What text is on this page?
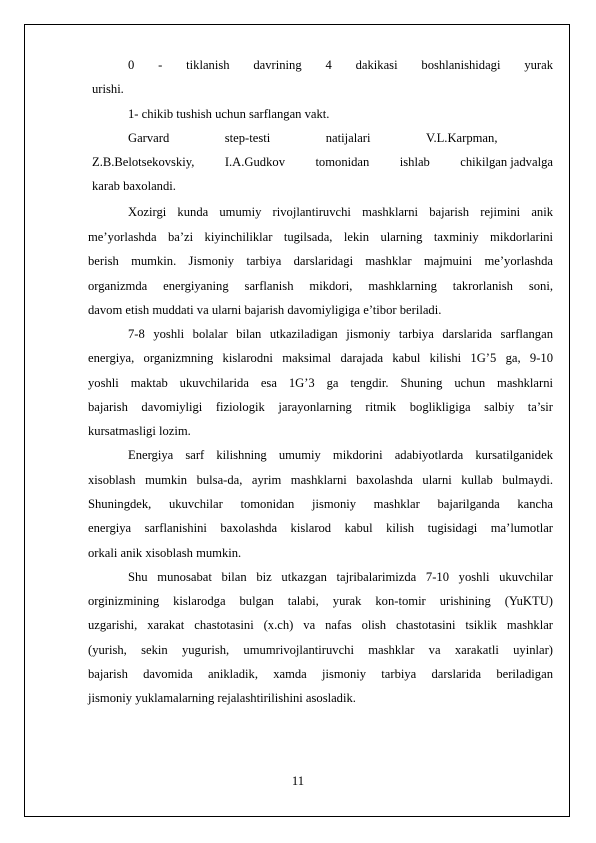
0 - tiklanish davrining 4 dakikasi boshlanishidagi yurak
urishi.
1- chikib tushish uchun sarflangan vakt.
Garvard	step-testi	natijalari	V.L.Karpman,
Z.B.Belotsekovskiy, I.A.Gudkov tomonidan ishlab chikilgan jadvalga
karab baxolandi.
Xozirgi kunda umumiy rivojlantiruvchi mashklarni bajarish rejimini anik
me’yorlashda ba’zi kiyinchiliklar tugilsada, lekin ularning taxminiy mikdorlarini
berish mumkin. Jismoniy tarbiya darslaridagi mashklar majmuini me’yorlashda
organizmda energiyaning sarflanish mikdori, mashklarning takrorlanish soni,
davom etish muddati va ularni bajarish davomiyligiga e’tibor beriladi.
7-8 yoshli bolalar bilan utkaziladigan jismoniy tarbiya darslarida sarflangan
energiya, organizmning kislarodni maksimal darajada kabul kilishi 1G’5 ga, 9-10
yoshli maktab ukuvchilarida esa 1G’3 ga tengdir. Shuning uchun mashklarni
bajarish davomiyligi fiziologik jarayonlarning ritmik boglikligiga salbiy ta’sir
kursatmasligi lozim.
Energiya sarf kilishning umumiy mikdorini adabiyotlarda kursatilganidek
xisoblash mumkin bulsa-da, ayrim mashklarni baxolashda ularni kullab bulmaydi.
Shuningdek, ukuvchilar tomonidan jismoniy mashklar bajarilganda kancha
energiya sarflanishini baxolashda kislarod kabul kilish tugisidagi ma’lumotlar
orkali anik xisoblash mumkin.
Shu munosabat bilan biz utkazgan tajribalarimizda 7-10 yoshli ukuvchilar
orginizmining kislarodga bulgan talabi, yurak kon-tomir urishining (YuKTU)
uzgarishi, xarakat chastotasini (x.ch) va nafas olish chastotasini tsiklik mashklar
(yurish, sekin yugurish, umumrivojlantiruvchi mashklar va xarakatli uyinlar)
bajarish davomida anikladik, xamda jismoniy tarbiya darslarida beriladigan
jismoniy yuklamalarning rejalashtirilishini asosladik.
11
